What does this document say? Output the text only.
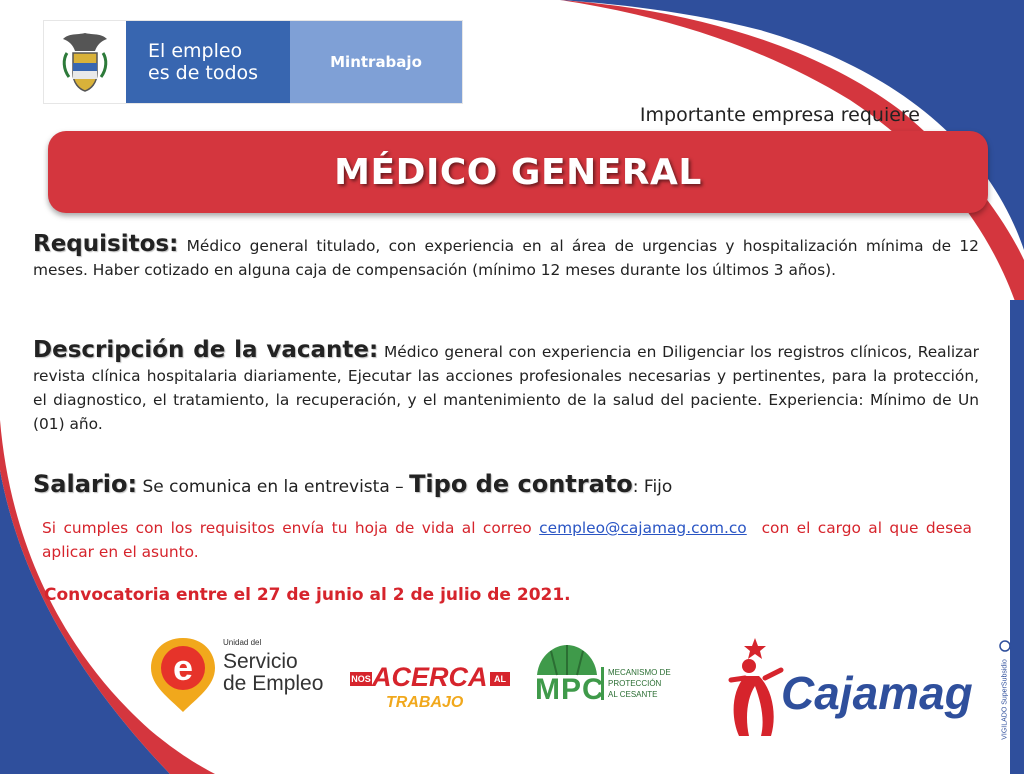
El empleo
es de todos	Mintrabajo
Importante empresa requiere
MÉDICO GENERAL
Requisitos: Médico general titulado, con experiencia en al área de urgencias y hospitalización mínima de 12 meses. Haber cotizado en alguna caja de compensación (mínimo 12 meses durante los últimos 3 años).
Descripción de la vacante: Médico general con experiencia en Diligenciar los registros clínicos, Realizar revista clínica hospitalaria diariamente, Ejecutar las acciones profesionales necesarias y pertinentes, para la protección, el diagnostico, el tratamiento, la recuperación, y el mantenimiento de la salud del paciente. Experiencia: Mínimo de Un (01) año.
Salario: Se comunica en la entrevista – Tipo de contrato: Fijo
Si cumples con los requisitos envía tu hoja de vida al correo cempleo@cajamag.com.co con el cargo al que desea aplicar en el asunto.
Convocatoria entre el 27 de junio al 2 de julio de 2021.
e
Unidad del
Servicio
de Empleo	NOS ACERCA AL
TRABAJO MPC
MECANISMO DE
PROTECCIÓN
AL CESANTE	Cajamag	VIGILADO SuperSubsidio
